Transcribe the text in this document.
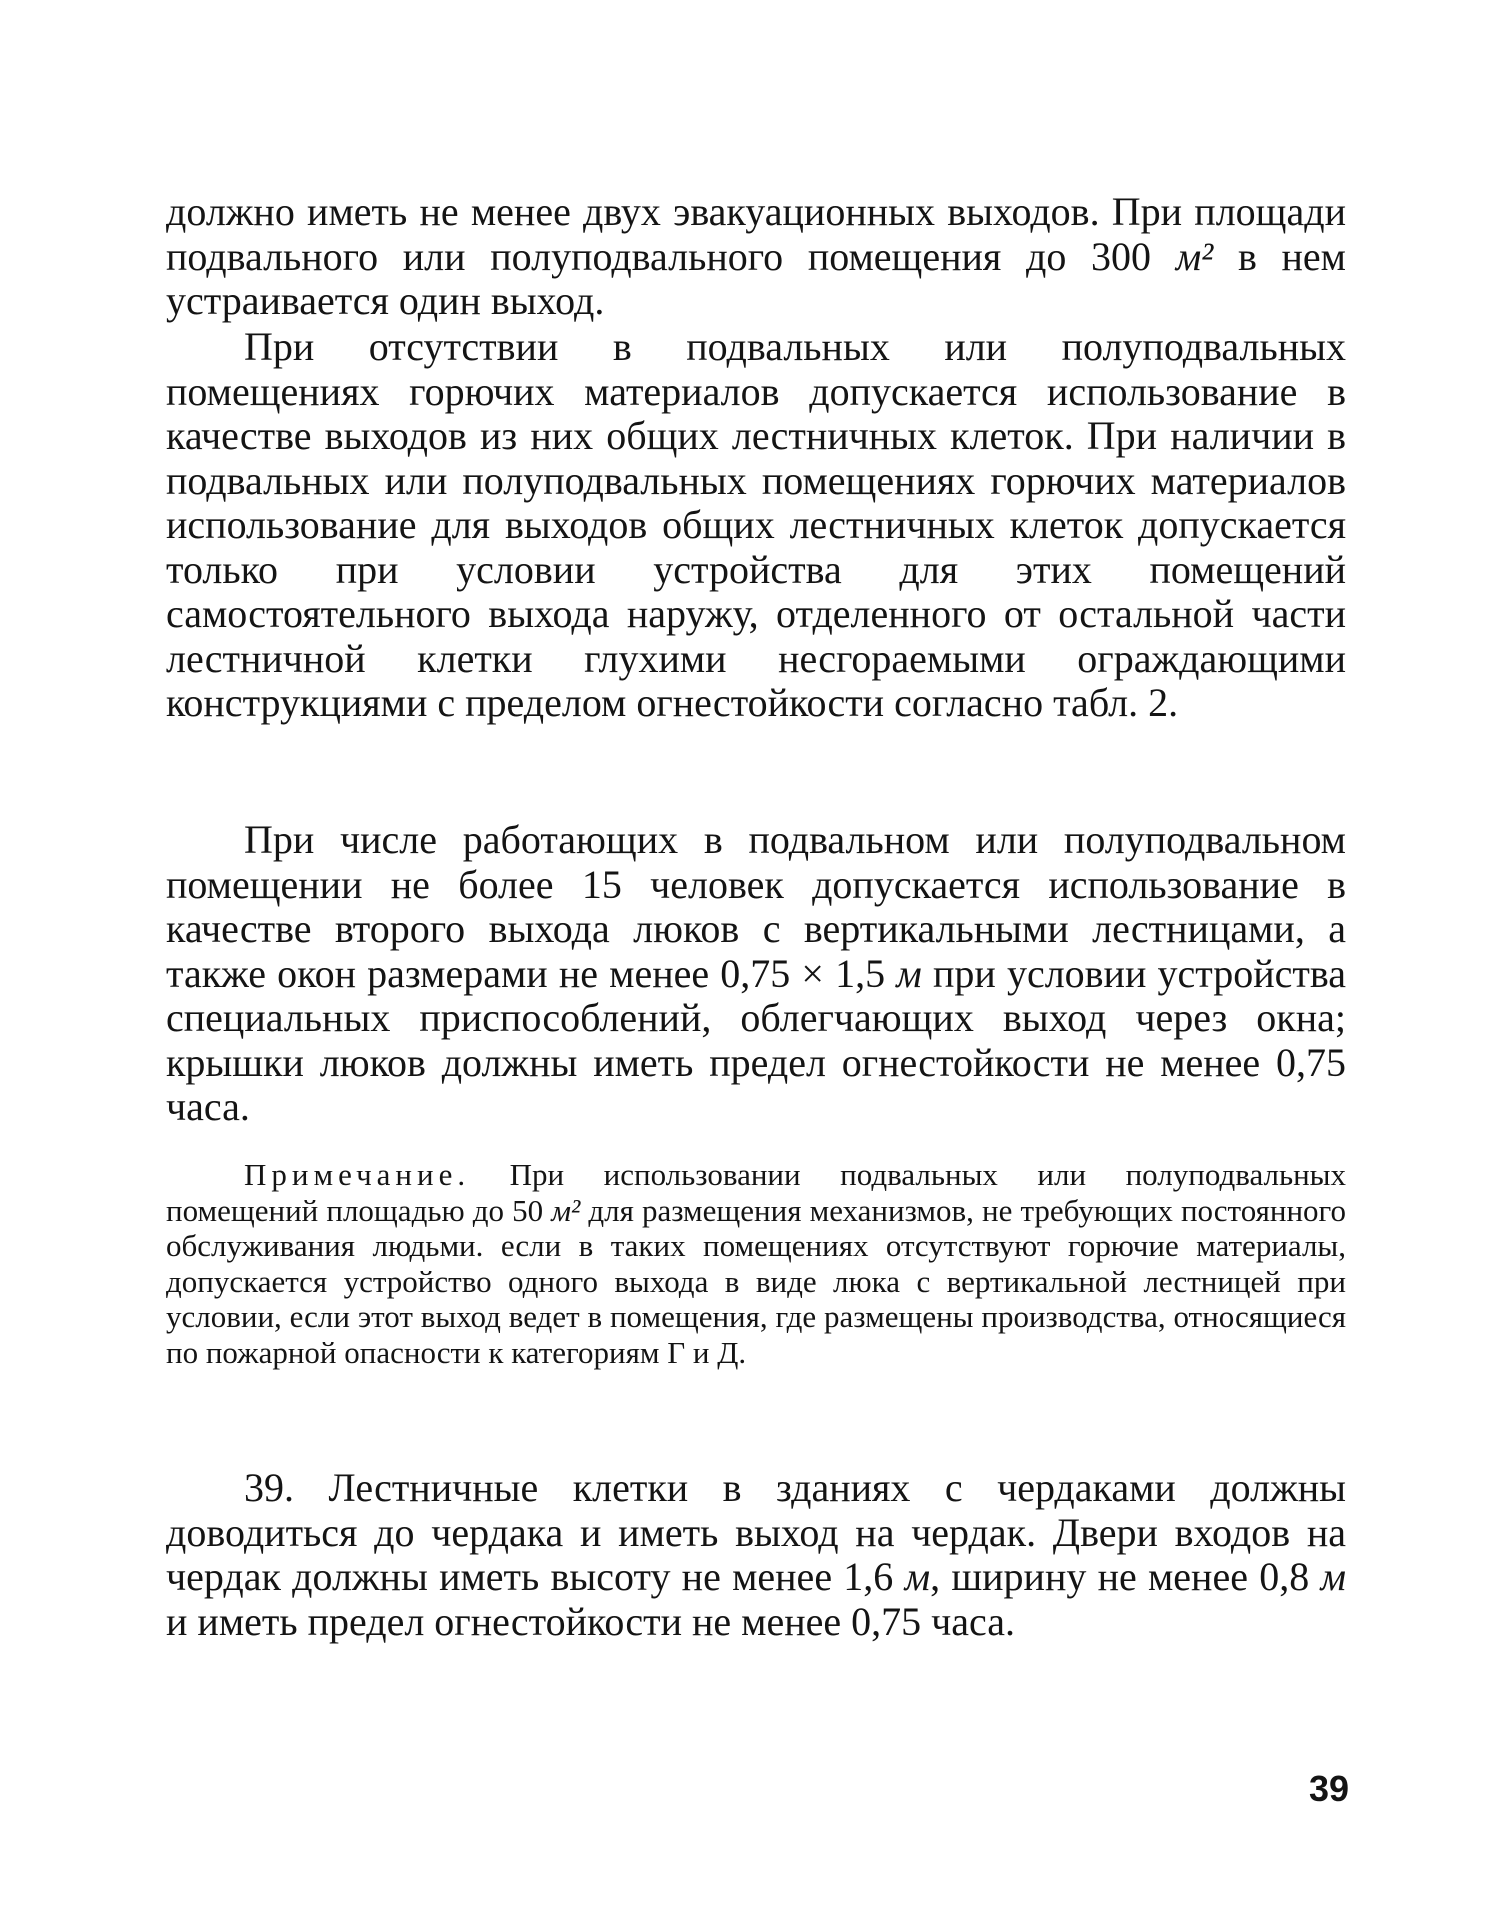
должно иметь не менее двух эвакуационных выходов. При площади подвального или полуподвального помещения до 300 м² в нем устраивается один выход.

При отсутствии в подвальных или полуподвальных помещениях горючих материалов допускается использование в качестве выходов из них общих лестничных клеток. При наличии в подвальных или полуподвальных помещениях горючих материалов использование для выходов общих лестничных клеток допускается только при условии устройства для этих помещений самостоятельного выхода наружу, отделенного от остальной части лестничной клетки глухими несгораемыми ограждающими конструкциями с пределом огнестойкости согласно табл. 2.

При числе работающих в подвальном или полуподвальном помещении не более 15 человек допускается использование в качестве второго выхода люков с вертикальными лестницами, а также окон размерами не менее 0,75 × 1,5 м при условии устройства специальных приспособлений, облегчающих выход через окна; крышки люков должны иметь предел огнестойкости не менее 0,75 часа.

Примечание. При использовании подвальных или полуподвальных помещений площадью до 50 м² для размещения механизмов, не требующих постоянного обслуживания людьми. если в таких помещениях отсутствуют горючие материалы, допускается устройство одного выхода в виде люка с вертикальной лестницей при условии, если этот выход ведет в помещения, где размещены производства, относящиеся по пожарной опасности к категориям Г и Д.

39. Лестничные клетки в зданиях с чердаками должны доводиться до чердака и иметь выход на чердак. Двери входов на чердак должны иметь высоту не менее 1,6 м, ширину не менее 0,8 м и иметь предел огнестойкости не менее 0,75 часа.

39
